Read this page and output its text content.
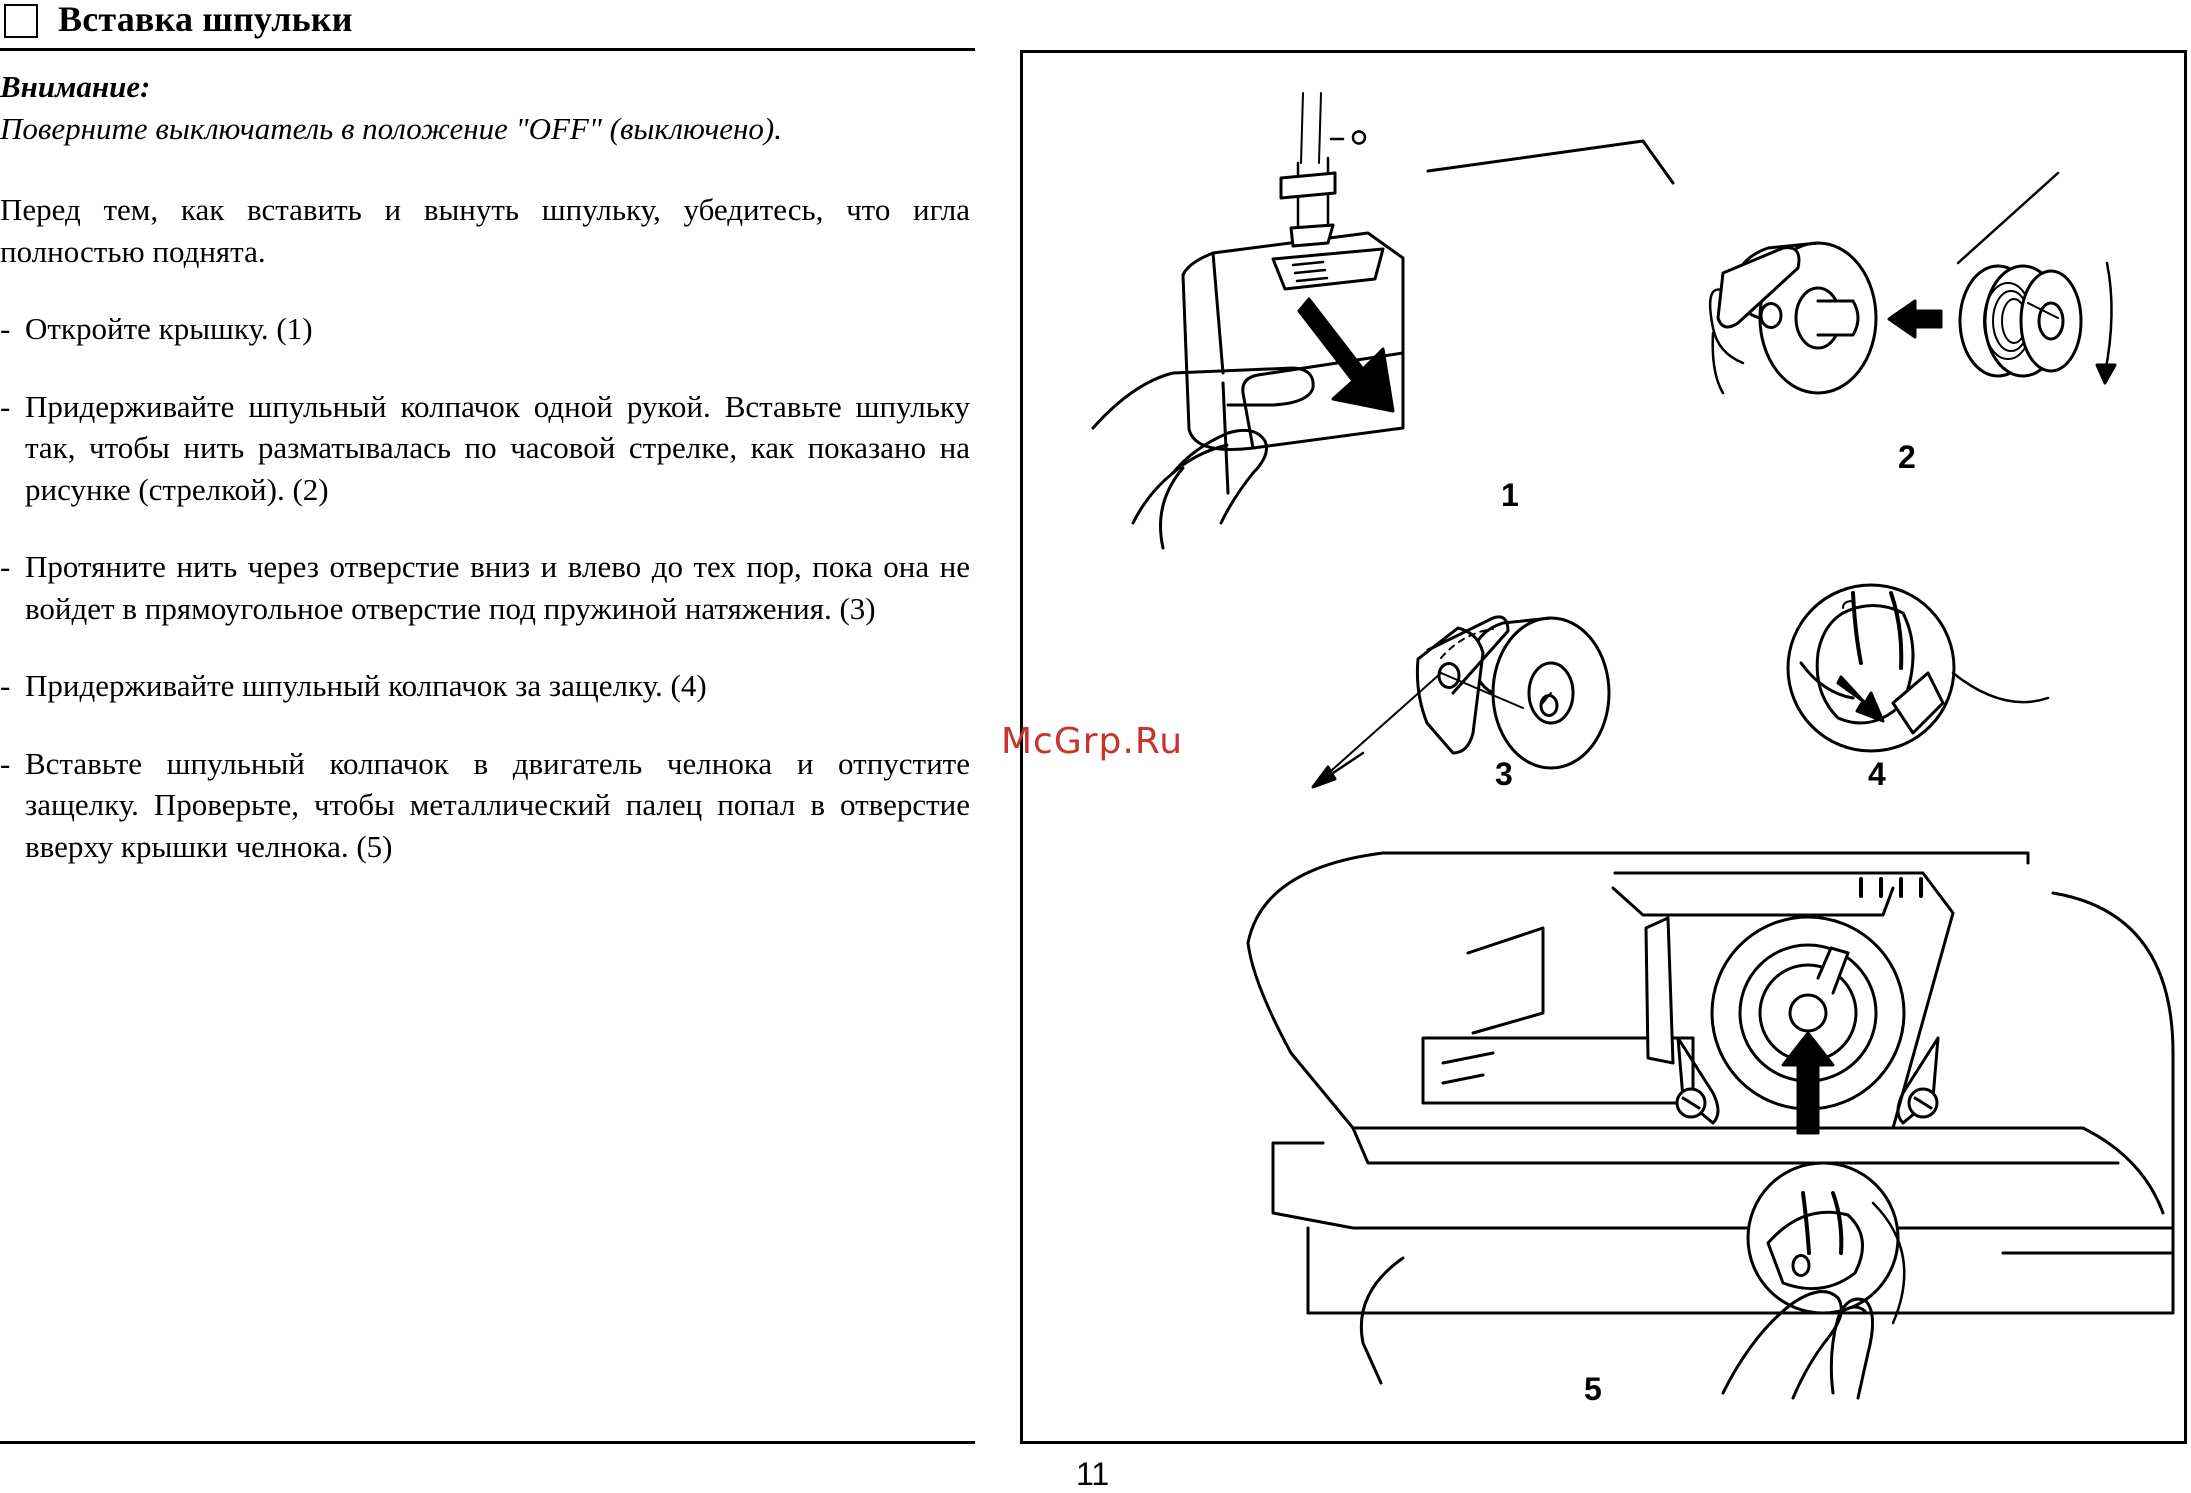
Вставка шпульки

Внимание:

Поверните выключатель в положение "OFF" (выключено).

Перед тем, как вставить и вынуть шпульку, убедитесь, что игла полностью поднята.

- Откройте крышку. (1)
- Придерживайте шпульный колпачок одной рукой. Вставьте шпульку так, чтобы нить разматывалась по часовой стрелке, как показано на рисунке (стрелкой). (2)
- Протяните нить через отверстие вниз и влево до тех пор, пока она не войдет в прямоугольное отверстие под пружиной натяжения. (3)
- Придерживайте шпульный колпачок за защелку. (4)
- Вставьте шпульный колпачок в двигатель челнока и отпустите защелку. Проверьте, чтобы металлический палец попал в отверстие вверху крышки челнока. (5)
11
1
2
3	4
5
McGrp.Ru
